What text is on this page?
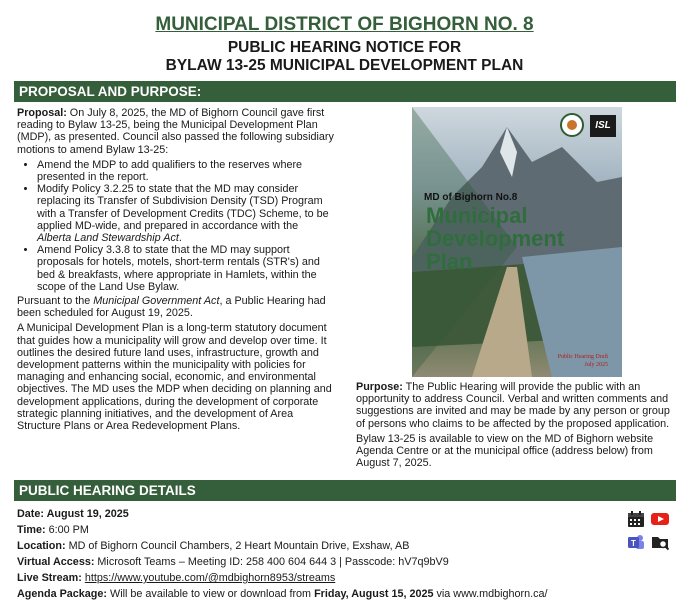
MUNICIPAL DISTRICT OF BIGHORN NO. 8
PUBLIC HEARING NOTICE FOR
BYLAW 13-25 MUNICIPAL DEVELOPMENT PLAN
PROPOSAL AND PURPOSE:

Proposal: On July 8, 2025, the MD of Bighorn Council gave first reading to Bylaw 13-25, being the Municipal Development Plan (MDP), as presented. Council also passed the following subsidiary motions to amend Bylaw 13-25:

• Amend the MDP to add qualifiers to the reserves where presented in the report.
• Modify Policy 3.2.25 to state that the MD may consider replacing its Transfer of Subdivision Density (TSD) Program with a Transfer of Development Credits (TDC) Scheme, to be applied MD-wide, and prepared in accordance with the Alberta Land Stewardship Act.
• Amend Policy 3.3.8 to state that the MD may support proposals for hotels, motels, short-term rentals (STR's) and bed & breakfasts, where appropriate in Hamlets, within the scope of the Land Use Bylaw.

Pursuant to the Municipal Government Act, a Public Hearing had been scheduled for August 19, 2025.

A Municipal Development Plan is a long-term statutory document that guides how a municipality will grow and develop over time. It outlines the desired future land uses, infrastructure, growth and development patterns within the municipality with policies for managing and enhancing social, economic, and environmental objectives. The MD uses the MDP when deciding on planning and development applications, during the development of corporate strategic planning initiatives, and the development of Area Structure Plans or Area Redevelopment Plans.

ISL
MD of Bighorn No.8
Municipal
Development
Plan
Public Hearing Draft
July 2025

Purpose: The Public Hearing will provide the public with an opportunity to address Council. Verbal and written comments and suggestions are invited and may be made by any person or group of persons who claims to be affected by the proposed application.

Bylaw 13-25 is available to view on the MD of Bighorn website Agenda Centre or at the municipal office (address below) from August 7, 2025.

PUBLIC HEARING DETAILS
Date: August 19, 2025
Time: 6:00 PM
Location: MD of Bighorn Council Chambers, 2 Heart Mountain Drive, Exshaw, AB
Virtual Access: Microsoft Teams – Meeting ID: 258 400 604 644 3 | Passcode: hV7q9bV9
Live Stream: https://www.youtube.com/@mdbighorn8953/streams
Agenda Package: Will be available to view or download from Friday, August 15, 2025 via www.mdbighorn.ca/
T
